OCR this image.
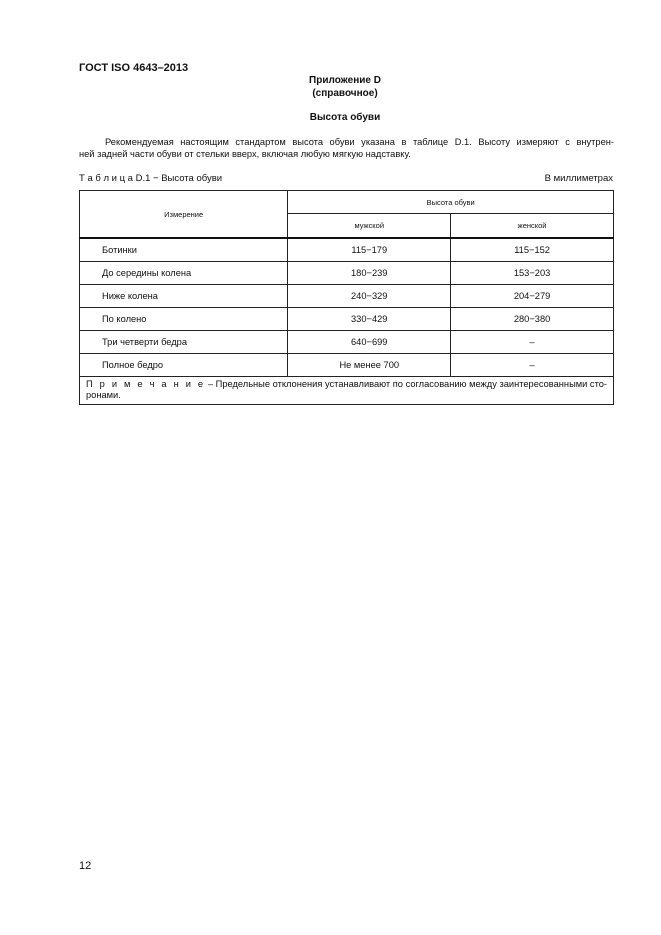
ГОСТ ISO 4643–2013
Приложение D
(справочное)
Высота обуви
Рекомендуемая настоящим стандартом высота обуви указана в таблице D.1. Высоту измеряют с внутрен-
ней задней части обуви от стельки вверх, включая любую мягкую надставку.
Т а б л и ц а D.1 − Высота обуви	В миллиметрах
Измерение	Высота обуви	
	мужской	женской
Ботинки	115−179	115−152
До середины колена	180−239	153−203
Ниже колена	240−329	204−279
По колено	330−429	280−380
Три четверти бедра	640−699	–
Полное бедро	Не менее 700	–
П р и м е ч а н и е – Предельные отклонения устанавливают по согласованию между заинтересованными сто-ронами.		
12
